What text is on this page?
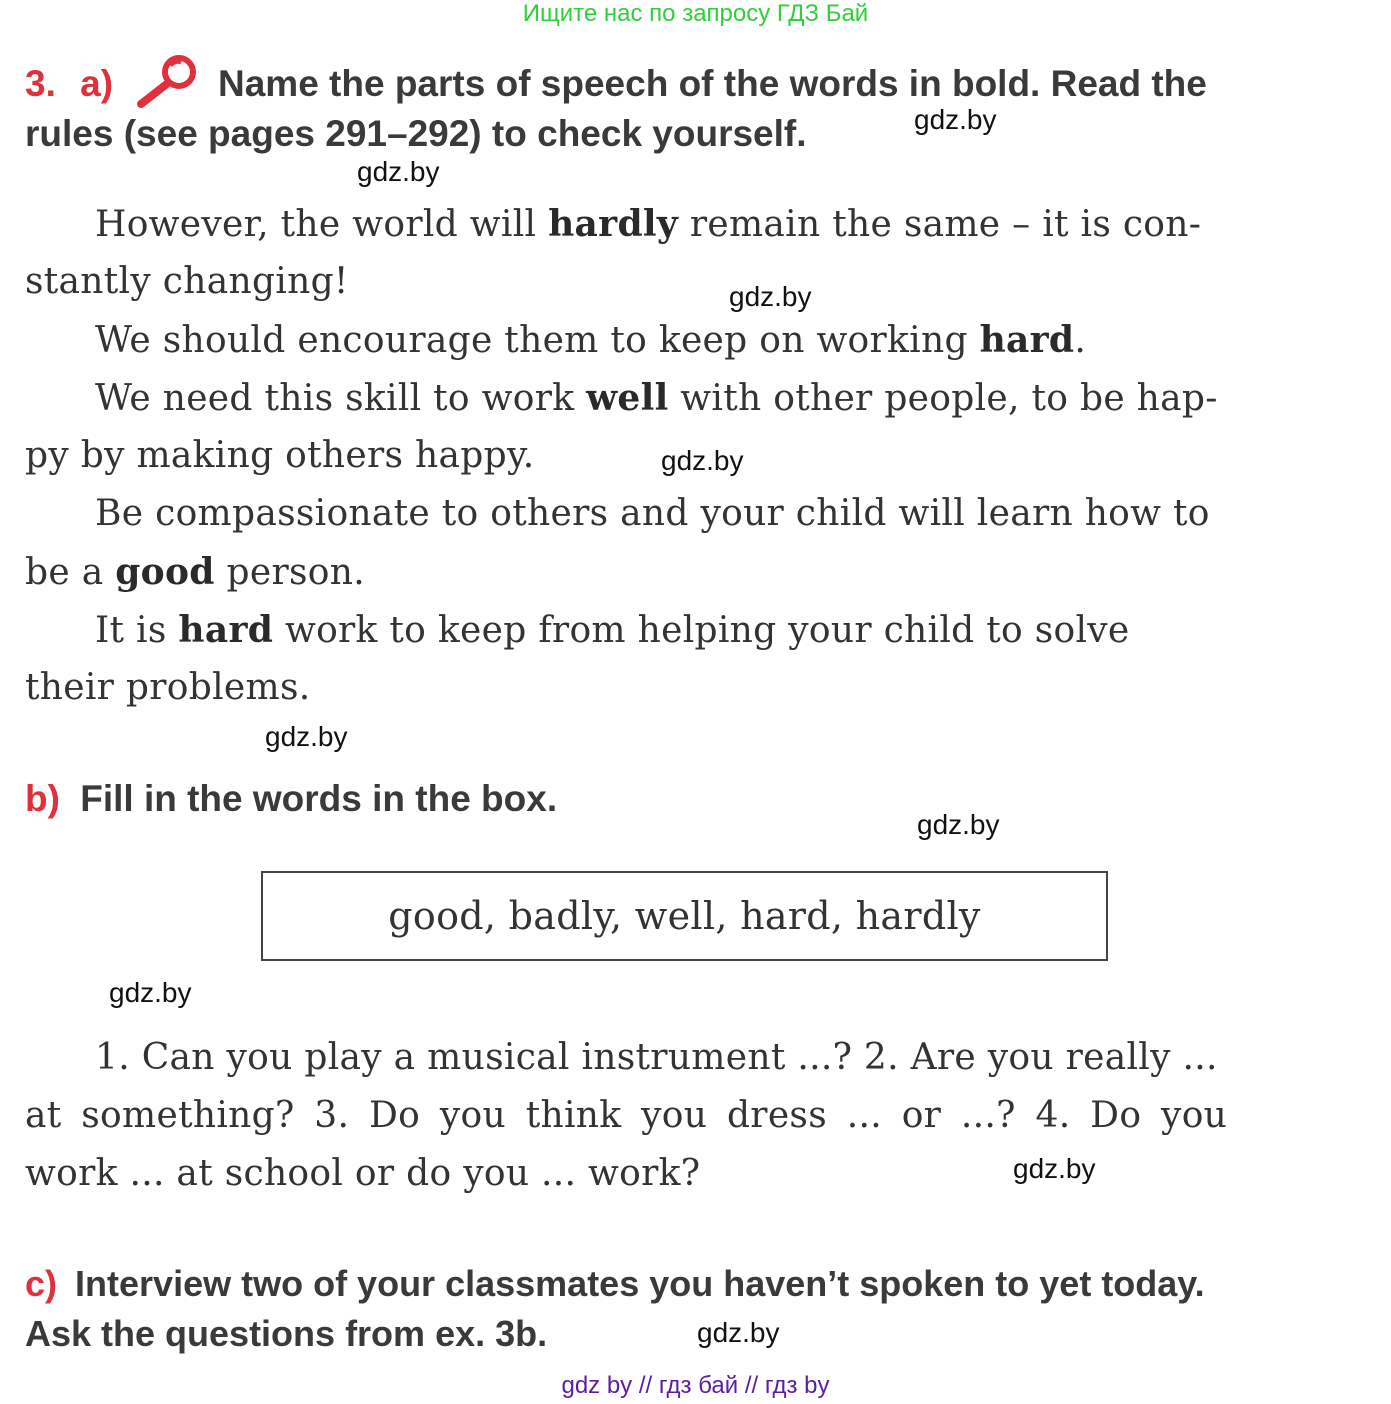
Ищите нас по запросу ГДЗ Бай
3. a)	Name the parts of speech of the words in bold. Read the
rules (see pages 291–292) to check yourself.	gdz.by
gdz.by
However, the world will hardly remain the same – it is con-
stantly changing!	gdz.by
We should encourage them to keep on working hard.
We need this skill to work well with other people, to be hap-
py by making others happy.	gdz.by
Be compassionate to others and your child will learn how to
be a good person.
It is hard work to keep from helping your child to solve
their problems.
gdz.by
b) Fill in the words in the box.
gdz.by
good, badly, well, hard, hardly
gdz.by
1. Can you play a musical instrument ...? 2. Are you really ...
at something? 3. Do you think you dress ... or ...? 4. Do you
work ... at school or do you ... work?	gdz.by
c) Interview two of your classmates you haven’t spoken to yet today.
Ask the questions from ex. 3b.	gdz.by
gdz by // гдз бай // гдз by
